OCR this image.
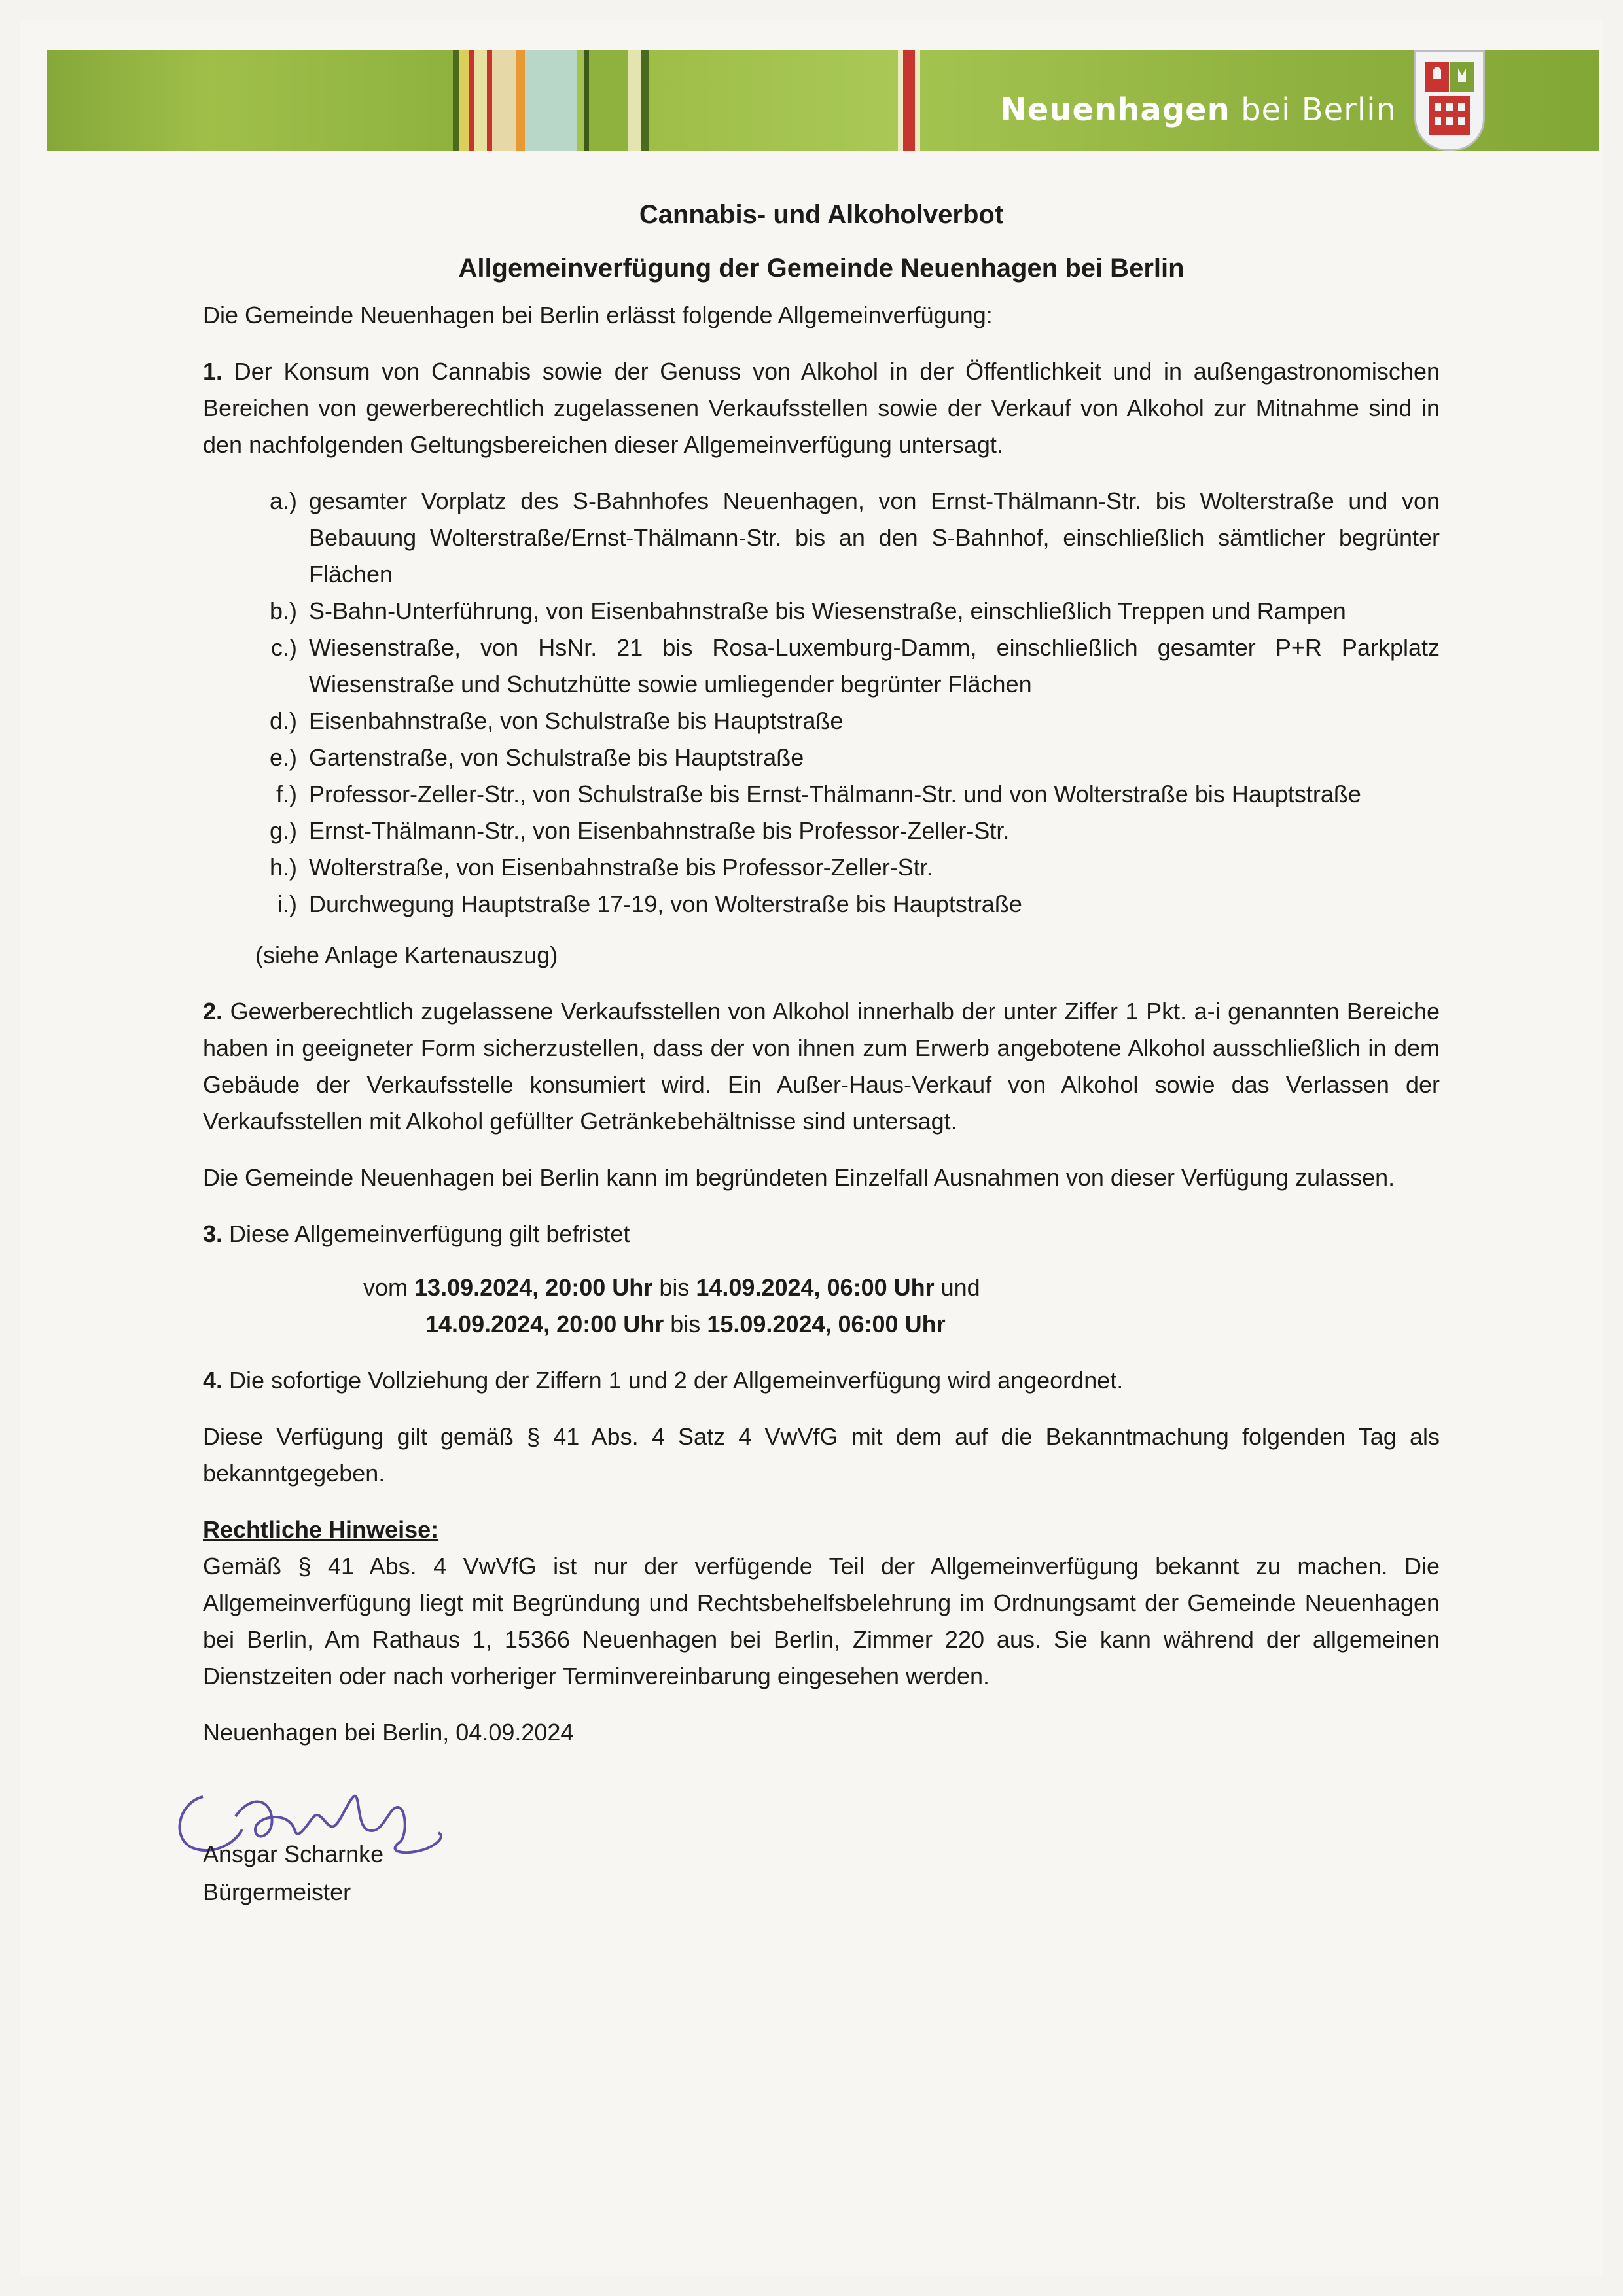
Neuenhagen bei Berlin

Cannabis- und Alkoholverbot

Allgemeinverfügung der Gemeinde Neuenhagen bei Berlin

Die Gemeinde Neuenhagen bei Berlin erlässt folgende Allgemeinverfügung:

1. Der Konsum von Cannabis sowie der Genuss von Alkohol in der Öffentlichkeit und in außengastronomischen Bereichen von gewerberechtlich zugelassenen Verkaufsstellen sowie der Verkauf von Alkohol zur Mitnahme sind in den nachfolgenden Geltungsbereichen dieser Allgemeinverfügung untersagt.

a.) gesamter Vorplatz des S-Bahnhofes Neuenhagen, von Ernst-Thälmann-Str. bis Wolterstraße und von Bebauung Wolterstraße/Ernst-Thälmann-Str. bis an den S-Bahnhof, einschließlich sämtlicher begrünter Flächen
b.) S-Bahn-Unterführung, von Eisenbahnstraße bis Wiesenstraße, einschließlich Treppen und Rampen
c.) Wiesenstraße, von HsNr. 21 bis Rosa-Luxemburg-Damm, einschließlich gesamter P+R Parkplatz Wiesenstraße und Schutzhütte sowie umliegender begrünter Flächen
d.) Eisenbahnstraße, von Schulstraße bis Hauptstraße
e.) Gartenstraße, von Schulstraße bis Hauptstraße
f.) Professor-Zeller-Str., von Schulstraße bis Ernst-Thälmann-Str. und von Wolterstraße bis Hauptstraße
g.) Ernst-Thälmann-Str., von Eisenbahnstraße bis Professor-Zeller-Str.
h.) Wolterstraße, von Eisenbahnstraße bis Professor-Zeller-Str.
i.) Durchwegung Hauptstraße 17-19, von Wolterstraße bis Hauptstraße

(siehe Anlage Kartenauszug)

2. Gewerberechtlich zugelassene Verkaufsstellen von Alkohol innerhalb der unter Ziffer 1 Pkt. a-i genannten Bereiche haben in geeigneter Form sicherzustellen, dass der von ihnen zum Erwerb angebotene Alkohol ausschließlich in dem Gebäude der Verkaufsstelle konsumiert wird. Ein Außer-Haus-Verkauf von Alkohol sowie das Verlassen der Verkaufsstellen mit Alkohol gefüllter Getränkebehältnisse sind untersagt.

Die Gemeinde Neuenhagen bei Berlin kann im begründeten Einzelfall Ausnahmen von dieser Verfügung zulassen.

3. Diese Allgemeinverfügung gilt befristet

vom 13.09.2024, 20:00 Uhr bis 14.09.2024, 06:00 Uhr und

14.09.2024, 20:00 Uhr bis 15.09.2024, 06:00 Uhr

4. Die sofortige Vollziehung der Ziffern 1 und 2 der Allgemeinverfügung wird angeordnet.

Diese Verfügung gilt gemäß § 41 Abs. 4 Satz 4 VwVfG mit dem auf die Bekanntmachung folgenden Tag als bekanntgegeben.

Rechtliche Hinweise:

Gemäß § 41 Abs. 4 VwVfG ist nur der verfügende Teil der Allgemeinverfügung bekannt zu machen. Die Allgemeinverfügung liegt mit Begründung und Rechtsbehelfsbelehrung im Ordnungsamt der Gemeinde Neuenhagen bei Berlin, Am Rathaus 1, 15366 Neuenhagen bei Berlin, Zimmer 220 aus. Sie kann während der allgemeinen Dienstzeiten oder nach vorheriger Terminvereinbarung eingesehen werden.

Neuenhagen bei Berlin, 04.09.2024

Ansgar Scharnke

Bürgermeister
